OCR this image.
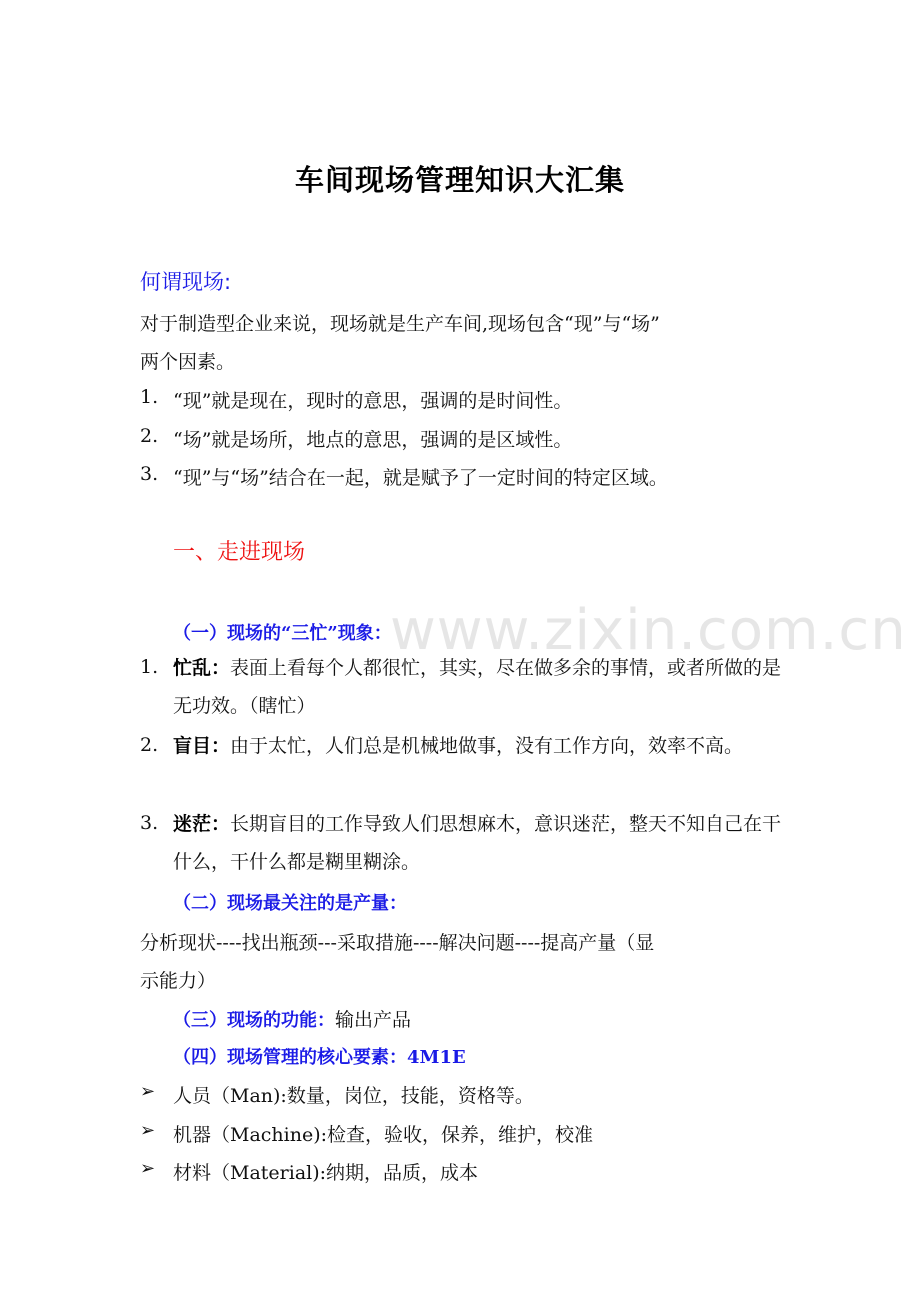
www.zixin.com.cn
车间现场管理知识大汇集
何谓现场:
对于制造型企业来说，现场就是生产车间,现场包含“现”与“场”
两个因素。
1. “现”就是现在，现时的意思，强调的是时间性。
2. “场”就是场所，地点的意思，强调的是区域性。
3. “现”与“场”结合在一起，就是赋予了一定时间的特定区域。
一、走进现场
（一）现场的“三忙”现象：
1. 忙乱：表面上看每个人都很忙，其实，尽在做多余的事情，或者所做的是无功效。（瞎忙）
2. 盲目：由于太忙，人们总是机械地做事，没有工作方向，效率不高。
3. 迷茫：长期盲目的工作导致人们思想麻木，意识迷茫，整天不知自己在干什么，干什么都是糊里糊涂。
（二）现场最关注的是产量：
分析现状----找出瓶颈---采取措施----解决问题----提高产量（显
示能力）
（三）现场的功能：输出产品
（四）现场管理的核心要素：4M1E
➢ 人员（Man):数量，岗位，技能，资格等。
➢ 机器（Machine):检查，验收，保养，维护，校准
➢ 材料（Material):纳期，品质，成本
